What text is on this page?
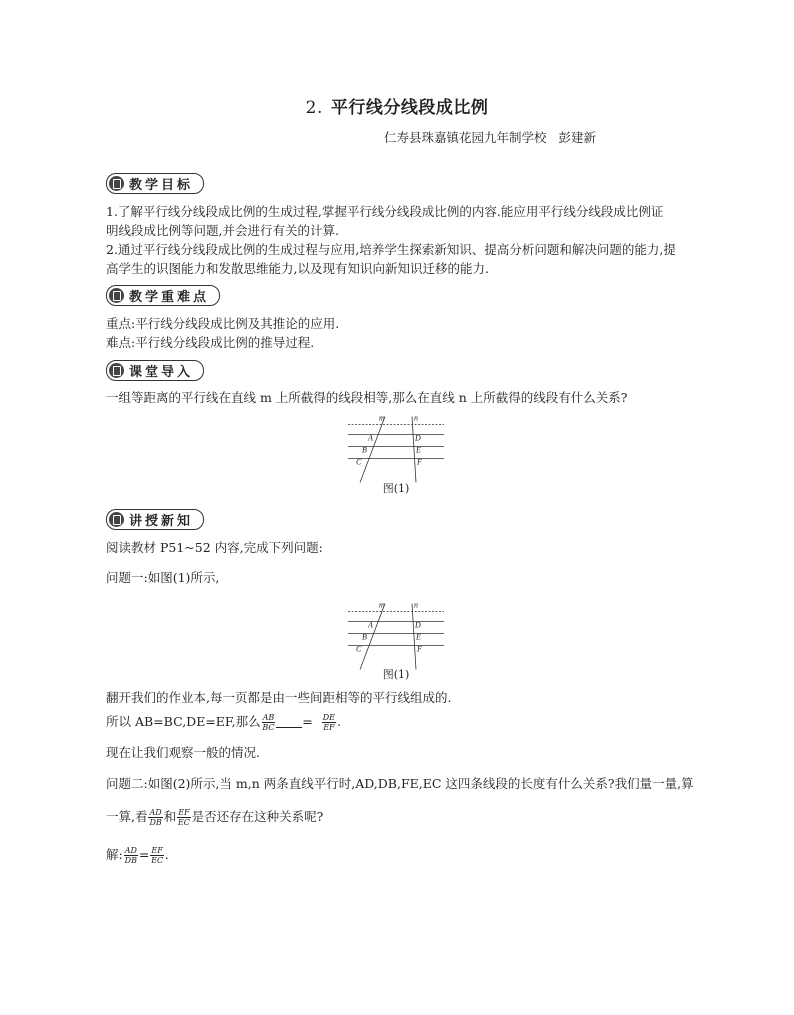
2. 平行线分线段成比例
仁寿县珠嘉镇花园九年制学校 彭建新
教学目标
1.了解平行线分线段成比例的生成过程,掌握平行线分线段成比例的内容.能应用平行线分线段成比例证
明线段成比例等问题,并会进行有关的计算.
2.通过平行线分线段成比例的生成过程与应用,培养学生探索新知识、提高分析问题和解决问题的能力,提
高学生的识图能力和发散思维能力,以及现有知识向新知识迁移的能力.
教学重难点
重点:平行线分线段成比例及其推论的应用.
难点:平行线分线段成比例的推导过程.
课堂导入
一组等距离的平行线在直线 m 上所截得的线段相等,那么在直线 n 上所截得的线段有什么关系?
m	n
A
B
C
D
E
F
图(1)
讲授新知
阅读教材 P51~52 内容,完成下列问题:
问题一:如图(1)所示,
m	n
A
B
C
D
E
F
图(1)
翻开我们的作业本,每一页都是由一些间距相等的平行线组成的.
所以 AB=BC,DE=EF,那么 $\frac{AB}{BC} = \frac{DE}{EF}$ .
现在让我们观察一般的情况.
问题二:如图(2)所示,当 m,n 两条直线平行时,AD,DB,FE,EC 这四条线段的长度有什么关系?我们量一量,算
一算,看 $\frac{AD}{DB}$ 和 $\frac{EF}{EC}$ 是否还存在这种关系呢?
解: $\frac{AD}{DB} = \frac{EF}{EC}$ .
